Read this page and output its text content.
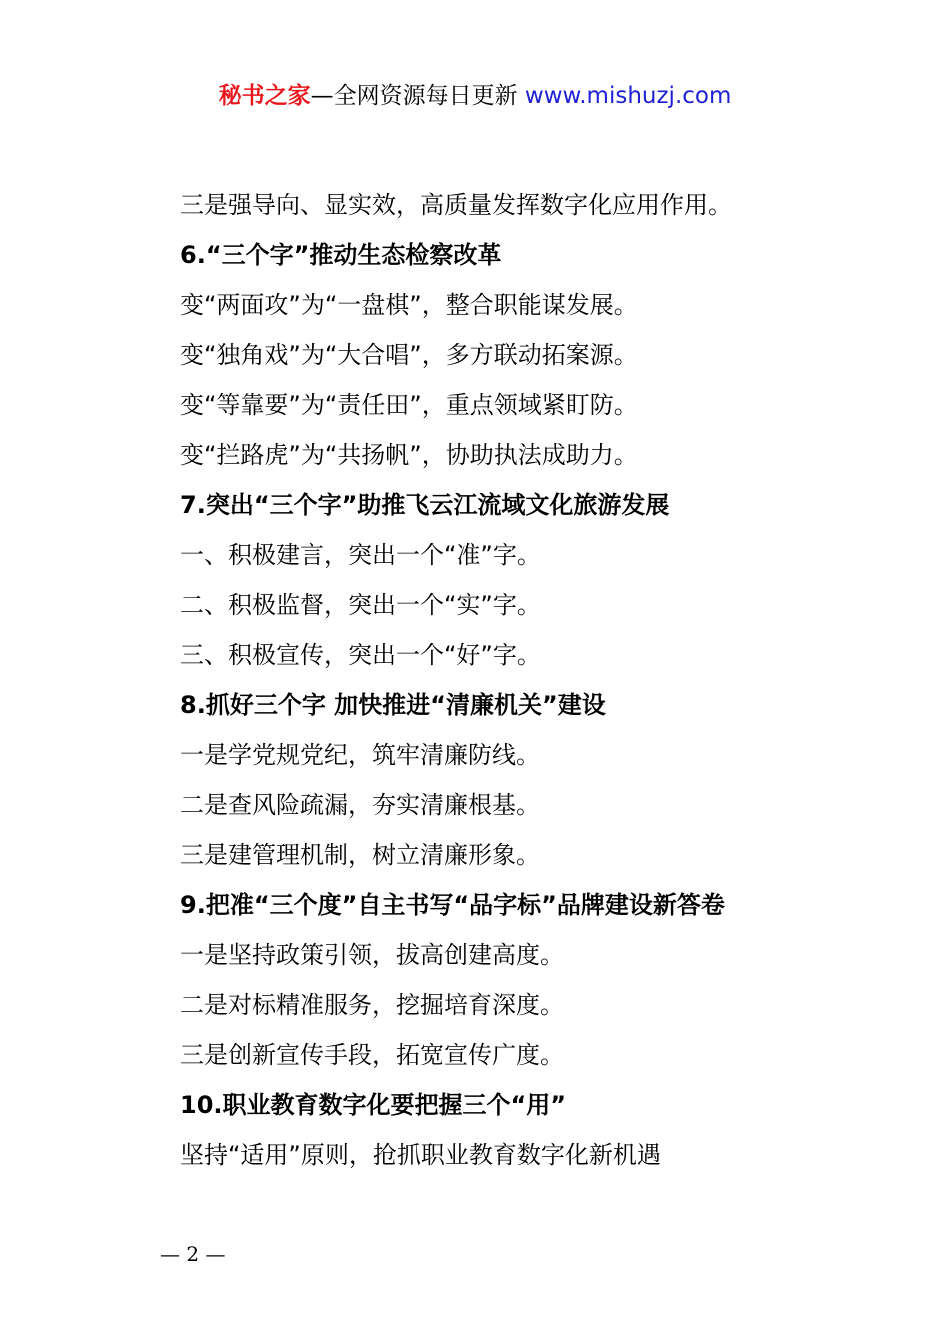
秘书之家—全网资源每日更新 www.mishuzj.com

三是强导向、显实效，高质量发挥数字化应用作用。

6.“三个字”推动生态检察改革

变“两面攻”为“一盘棋”，整合职能谋发展。

变“独角戏”为“大合唱”，多方联动拓案源。

变“等靠要”为“责任田”，重点领域紧盯防。

变“拦路虎”为“共扬帆”，协助执法成助力。

7.突出“三个字”助推飞云江流域文化旅游发展

一、积极建言，突出一个“准”字。

二、积极监督，突出一个“实”字。

三、积极宣传，突出一个“好”字。

8.抓好三个字 加快推进“清廉机关”建设

一是学党规党纪，筑牢清廉防线。

二是查风险疏漏，夯实清廉根基。

三是建管理机制，树立清廉形象。

9.把准“三个度”自主书写“品字标”品牌建设新答卷

一是坚持政策引领，拔高创建高度。

二是对标精准服务，挖掘培育深度。

三是创新宣传手段，拓宽宣传广度。

10.职业教育数字化要把握三个“用”

坚持“适用”原则，抢抓职业教育数字化新机遇

— 2 —
